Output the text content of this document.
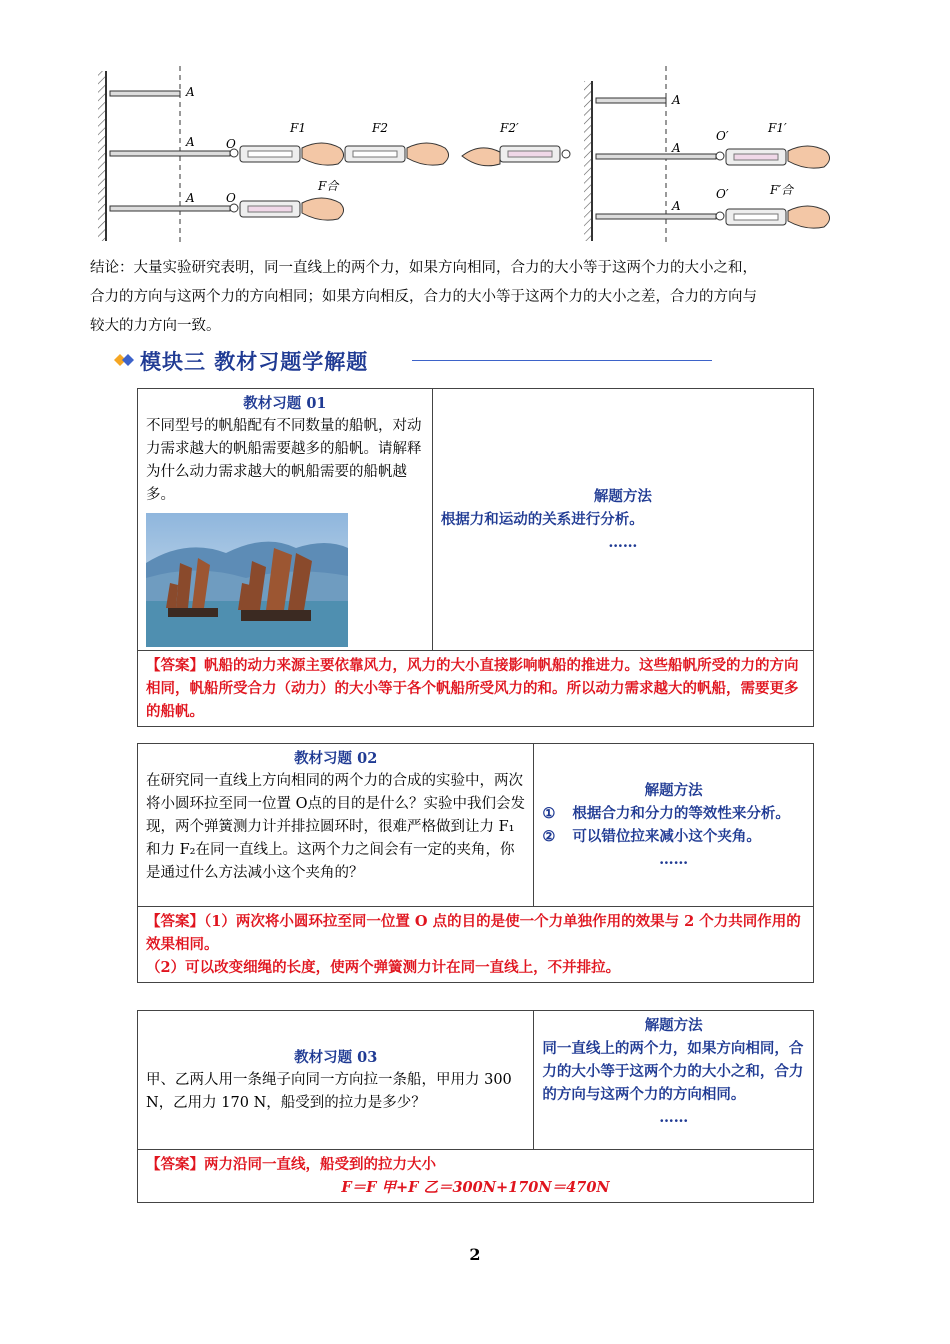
A
A	O
F1	F2
A	O
F合
F2′
A
A
O′
F1′
A
O′	F′合
结论：大量实验研究表明，同一直线上的两个力，如果方向相同，合力的大小等于这两个力的大小之和，
合力的方向与这两个力的方向相同；如果方向相反，合力的大小等于这两个力的大小之差，合力的方向与
较大的力方向一致。
模块三 教材习题学解题
教材习题 01
不同型号的帆船配有不同数量的船帆，对动力需求越大的帆船需要越多的船帆。请解释为什么动力需求越大的帆船需要的船帆越多。	解题方法
根据力和运动的关系进行分析。
……

【答案】帆船的动力来源主要依靠风力，风力的大小直接影响帆船的推进力。这些船帆所受的力的方向相同，帆船所受合力（动力）的大小等于各个帆船所受风力的和。所以动力需求越大的帆船，需要更多的船帆。
教材习题 02
在研究同一直线上方向相同的两个力的合成的实验中，两次将小圆环拉至同一位置 O点的目的是什么？实验中我们会发现，两个弹簧测力计并排拉圆环时，很难严格做到让力 F₁和力 F₂在同一直线上。这两个力之间会有一定的夹角，你是通过什么方法减小这个夹角的？

解题方法
① 根据合力和分力的等效性来分析。
② 可以错位拉来减小这个夹角。
……

【答案】（1）两次将小圆环拉至同一位置 O 点的目的是使一个力单独作用的效果与 2 个力共同作用的效果相同。
（2）可以改变细绳的长度，使两个弹簧测力计在同一直线上，不并排拉。
教材习题 03
甲、乙两人用一条绳子向同一方向拉一条船，甲用力 300 N，乙用力 170 N，船受到的拉力是多少？

解题方法
同一直线上的两个力，如果方向相同，合力的大小等于这两个力的大小之和，合力的方向与这两个力的方向相同。
……

【答案】两力沿同一直线，船受到的拉力大小
F＝F 甲+F 乙＝300N+170N＝470N
2
